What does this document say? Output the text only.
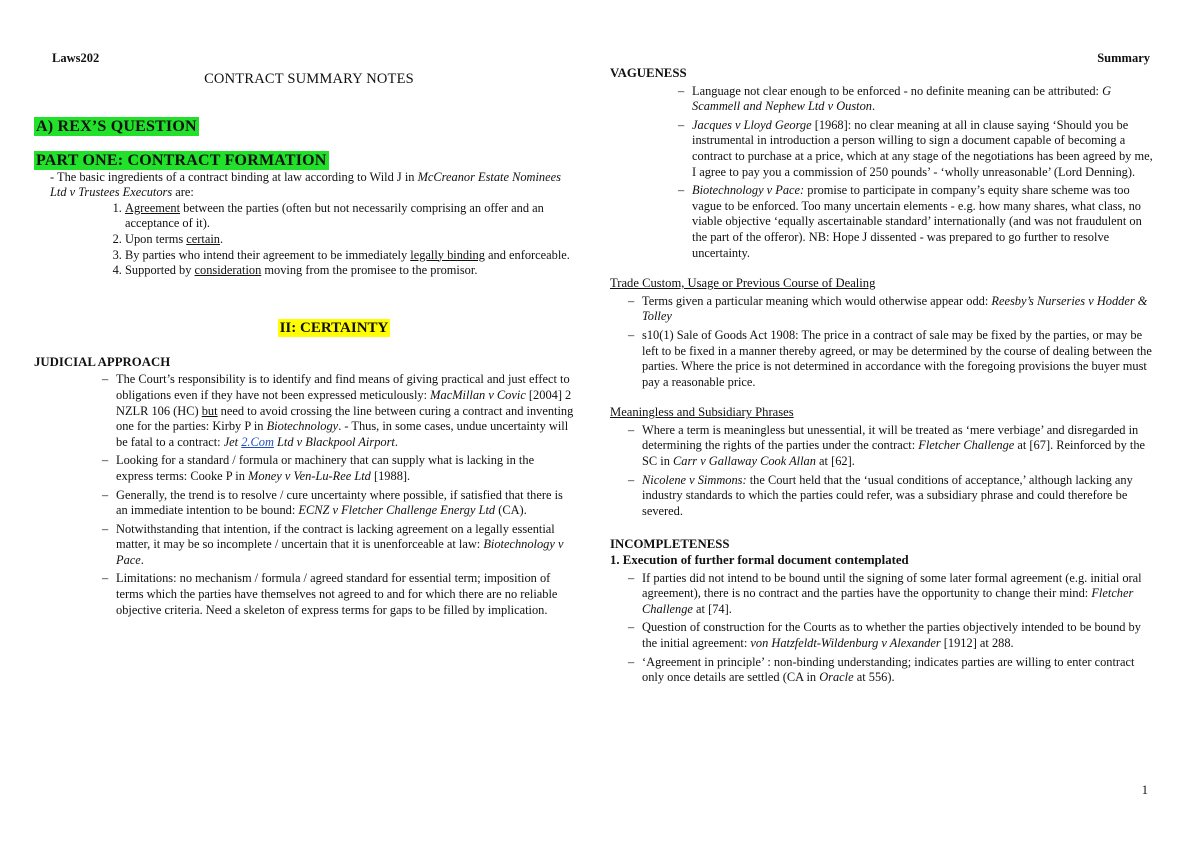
Laws202	Summary
CONTRACT SUMMARY NOTES
A) REX’S QUESTION
PART ONE: CONTRACT FORMATION
- The basic ingredients of a contract binding at law according to Wild J in McCreanor Estate Nominees Ltd v Trustees Executors are:
1. Agreement between the parties (often but not necessarily comprising an offer and an acceptance of it).
2. Upon terms certain.
3. By parties who intend their agreement to be immediately legally binding and enforceable.
4. Supported by consideration moving from the promisee to the promisor.
II: CERTAINTY
JUDICIAL APPROACH
– The Court’s responsibility is to identify and find means of giving practical and just effect to obligations even if they have not been expressed meticulously: MacMillan v Covic [2004] 2 NZLR 106 (HC) but need to avoid crossing the line between curing a contract and inventing one for the parties: Kirby P in Biotechnology. - Thus, in some cases, undue uncertainty will be fatal to a contract: Jet 2.Com Ltd v Blackpool Airport.
– Looking for a standard / formula or machinery that can supply what is lacking in the express terms: Cooke P in Money v Ven-Lu-Ree Ltd [1988].
– Generally, the trend is to resolve / cure uncertainty where possible, if satisfied that there is an immediate intention to be bound: ECNZ v Fletcher Challenge Energy Ltd (CA).
– Notwithstanding that intention, if the contract is lacking agreement on a legally essential matter, it may be so incomplete / uncertain that it is unenforceable at law: Biotechnology v Pace.
– Limitations: no mechanism / formula / agreed standard for essential term; imposition of terms which the parties have themselves not agreed to and for which there are no reliable objective criteria. Need a skeleton of express terms for gaps to be filled by implication.
VAGUENESS
– Language not clear enough to be enforced - no definite meaning can be attributed: G Scammell and Nephew Ltd v Ouston.
– Jacques v Lloyd George [1968]: no clear meaning at all in clause saying ‘Should you be instrumental in introduction a person willing to sign a document capable of becoming a contract to purchase at a price, which at any stage of the negotiations has been agreed by me, I agree to pay you a commission of 250 pounds’ - ‘wholly unreasonable’ (Lord Denning).
– Biotechnology v Pace: promise to participate in company’s equity share scheme was too vague to be enforced. Too many uncertain elements - e.g. how many shares, what class, no viable objective ‘equally ascertainable standard’ internationally (and was not fraudulent on the part of the offeror). NB: Hope J dissented - was prepared to go further to resolve uncertainty.
Trade Custom, Usage or Previous Course of Dealing
– Terms given a particular meaning which would otherwise appear odd: Reesby’s Nurseries v Hodder & Tolley
– s10(1) Sale of Goods Act 1908: The price in a contract of sale may be fixed by the parties, or may be left to be fixed in a manner thereby agreed, or may be determined by the course of dealing between the parties. Where the price is not determined in accordance with the foregoing provisions the buyer must pay a reasonable price.
Meaningless and Subsidiary Phrases
– Where a term is meaningless but unessential, it will be treated as ‘mere verbiage’ and disregarded in determining the rights of the parties under the contract: Fletcher Challenge at [67]. Reinforced by the SC in Carr v Gallaway Cook Allan at [62].
– Nicolene v Simmons: the Court held that the ‘usual conditions of acceptance,’ although lacking any industry standards to which the parties could refer, was a subsidiary phrase and could therefore be severed.
INCOMPLETENESS
1. Execution of further formal document contemplated
– If parties did not intend to be bound until the signing of some later formal agreement (e.g. initial oral agreement), there is no contract and the parties have the opportunity to change their mind: Fletcher Challenge at [74].
– Question of construction for the Courts as to whether the parties objectively intended to be bound by the initial agreement: von Hatzfeldt-Wildenburg v Alexander [1912] at 288.
– ‘Agreement in principle’ : non-binding understanding; indicates parties are willing to enter contract only once details are settled (CA in Oracle at 556).
1
